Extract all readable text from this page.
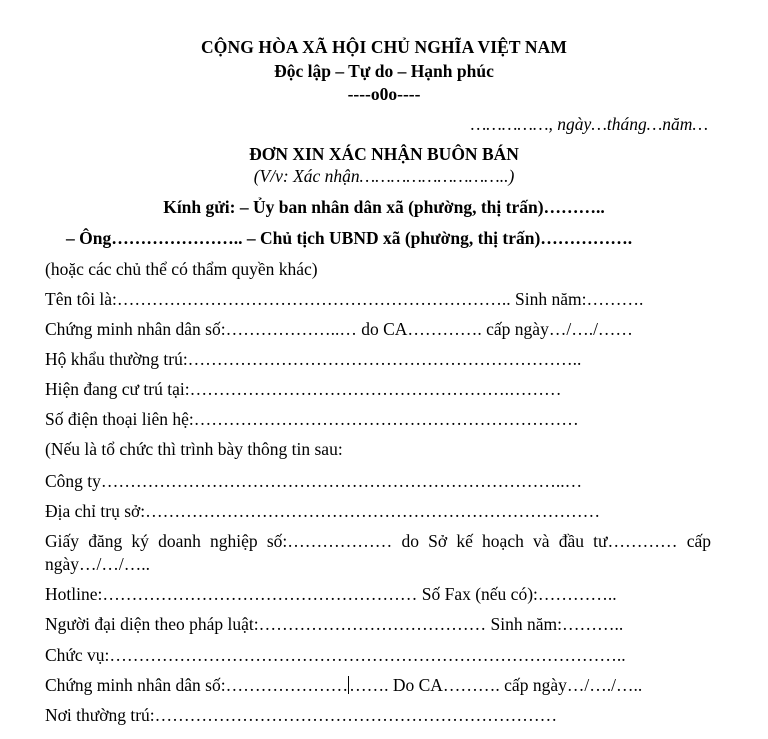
CỘNG HÒA XÃ HỘI CHỦ NGHĨA VIỆT NAM
Độc lập – Tự do – Hạnh phúc
----o0o----
……………, ngày…tháng…năm…
ĐƠN XIN XÁC NHẬN BUÔN BÁN
(V/v: Xác nhận………………………..)
Kính gửi: – Ủy ban nhân dân xã (phường, thị trấn)………..
– Ông………………….. – Chủ tịch UBND xã (phường, thị trấn)…………….
(hoặc các chủ thể có thẩm quyền khác)
Tên tôi là:………………………………………………………….. Sinh năm:……….
Chứng minh nhân dân số:………………..… do CA…………. cấp ngày…/…./……
Hộ khẩu thường trú:…………………………………………………………..
Hiện đang cư trú tại:……………………………………………….………
Số điện thoại liên hệ:…………………………………………………………
(Nếu là tổ chức thì trình bày thông tin sau:
Công ty……………………………………………………………………..…
Địa chỉ trụ sở:……………………………………………………………………
Giấy đăng ký doanh nghiệp số:……………… do Sở kế hoạch và đầu tư………… cấp
ngày…/…/…..
Hotline:……………………………………………… Số Fax (nếu có):…………..
Người đại diện theo pháp luật:………………………………… Sinh năm:………..
Chức vụ:……………………………………………………………………………..
Chứng minh nhân dân số:………………………. Do CA………. cấp ngày…/…./…..
Nơi thường trú:……………………………………………………………
